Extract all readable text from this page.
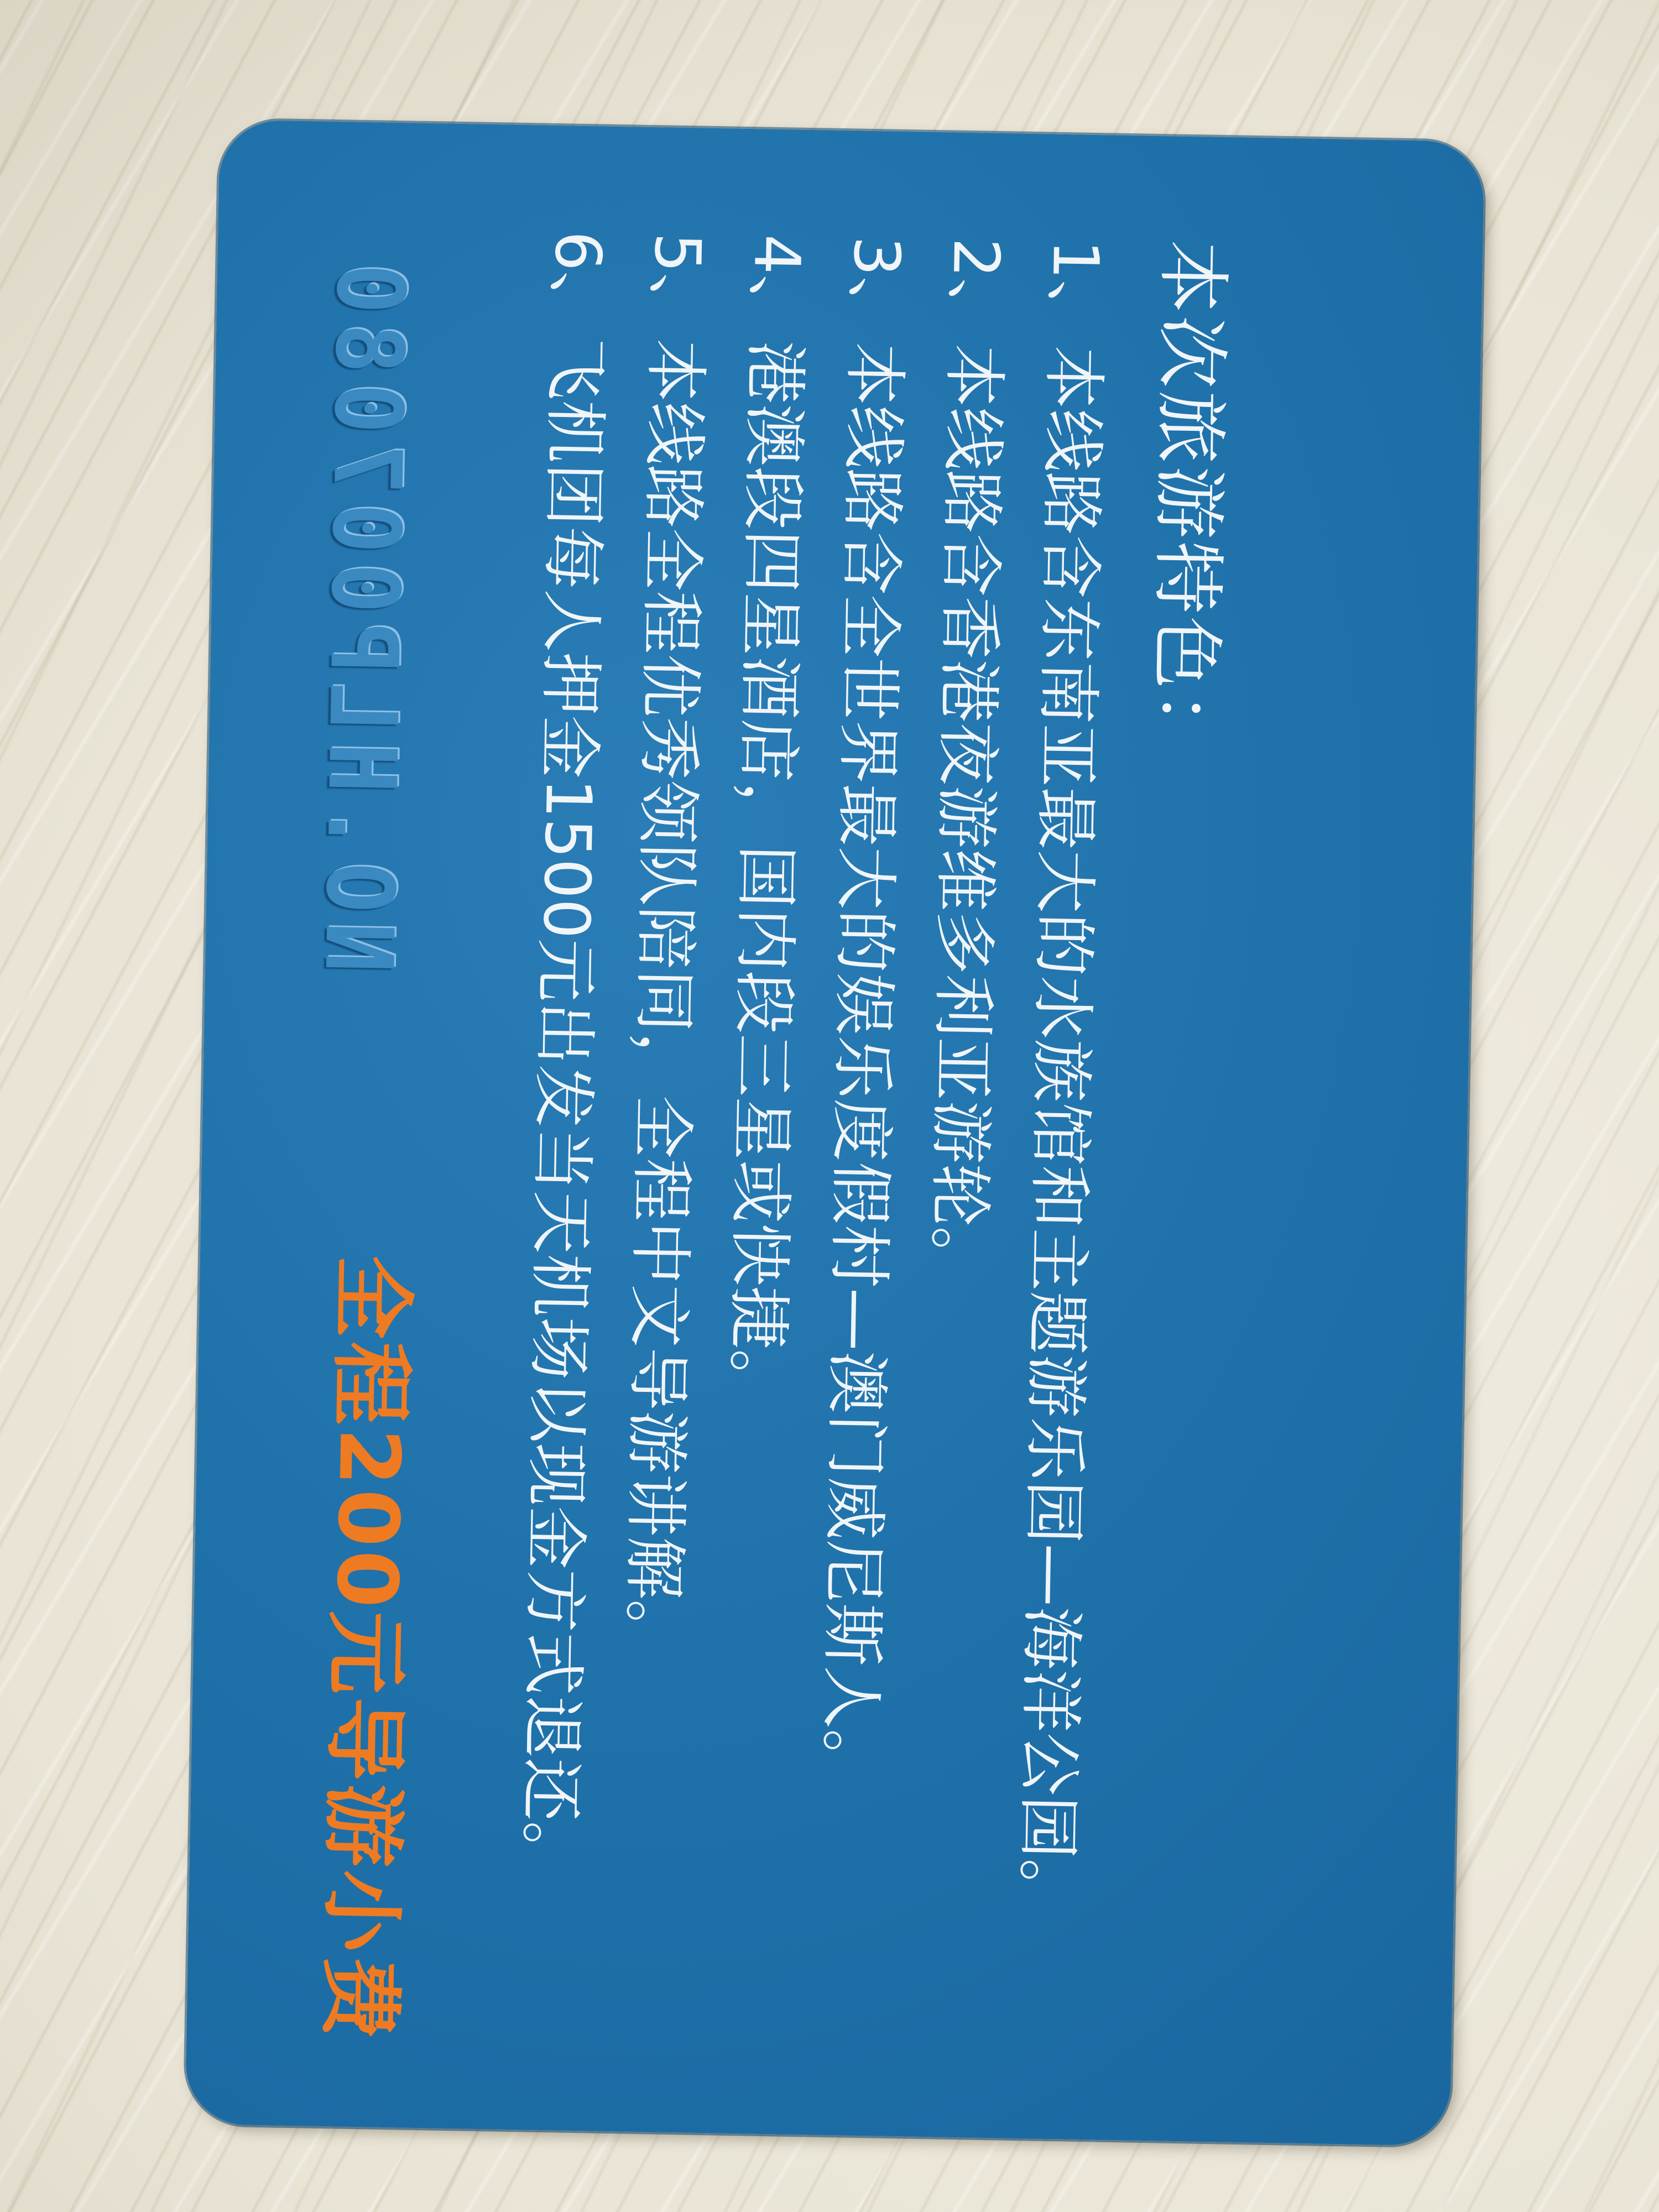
本次旅游特色：
1、
本线路含东南亚最大的水族馆和主题游乐园—海洋公园。
2、
本线路含香港夜游维多利亚游轮。
3、
本线路含全世界最大的娱乐度假村—澳门威尼斯人。
4、
港澳段四星酒店，国内段三星或快捷。
5、
本线路全程优秀领队陪同，全程中文导游讲解。
6、
飞机团每人押金1500元出发当天机场以现金方式退还。
NO.HLP007080
全程200元导游小费
